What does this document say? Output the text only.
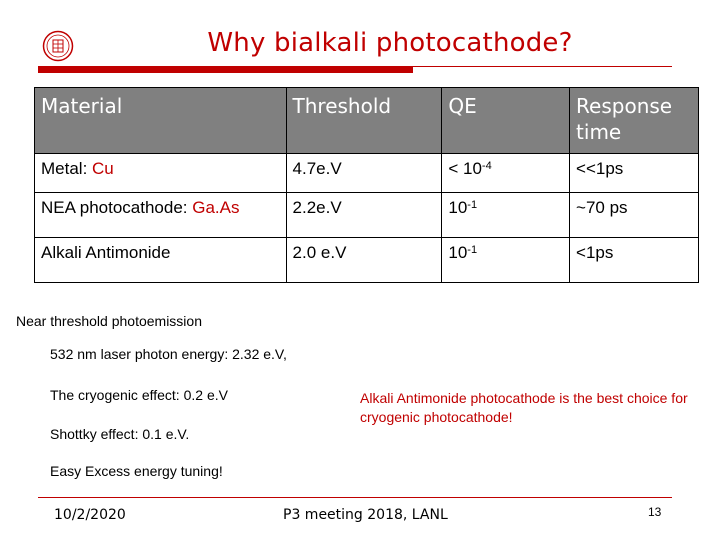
Why bialkali photocathode?
Material	Threshold	QE	Response time
Metal: Cu	4.7e.V	< $10^{-4}$	<<1ps
NEA photocathode: Ga.As	2.2e.V	$10^{-1}$	~70 ps
Alkali Antimonide	2.0 e.V	$10^{-1}$	<1ps
Near threshold photoemission
532 nm laser photon energy: 2.32 e.V,
The cryogenic effect: 0.2 e.V
Shottky effect: 0.1 e.V.
Easy Excess energy tuning!
Alkali Antimonide photocathode is the best choice for cryogenic photocathode!
10/2/2020	P3 meeting 2018, LANL	13
